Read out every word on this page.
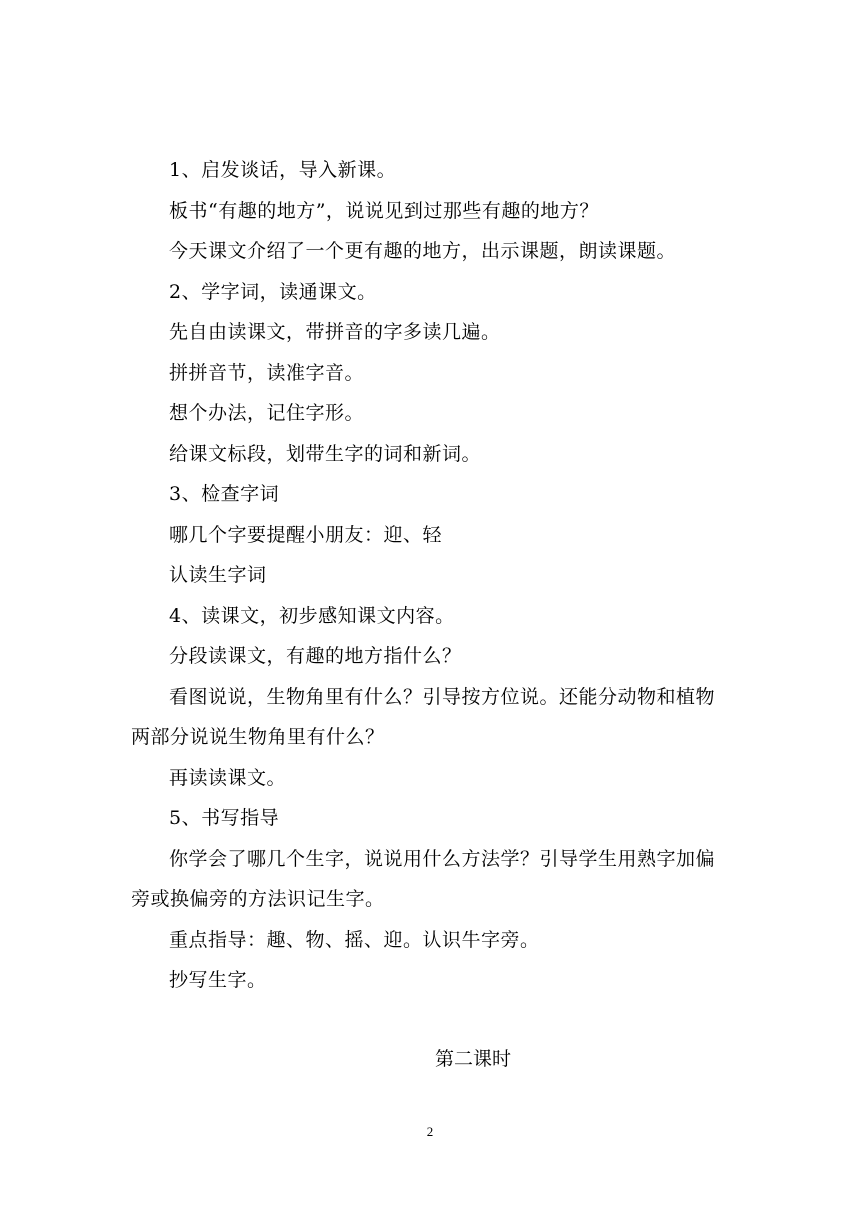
1、启发谈话，导入新课。

板书“有趣的地方”，说说见到过那些有趣的地方？

今天课文介绍了一个更有趣的地方，出示课题，朗读课题。

2、学字词，读通课文。

先自由读课文，带拼音的字多读几遍。

拼拼音节，读准字音。

想个办法，记住字形。

给课文标段，划带生字的词和新词。

3、检查字词

哪几个字要提醒小朋友：迎、轻

认读生字词

4、读课文，初步感知课文内容。

分段读课文，有趣的地方指什么？

看图说说，生物角里有什么？引导按方位说。还能分动物和植物两部分说说生物角里有什么？

再读读课文。

5、书写指导

你学会了哪几个生字，说说用什么方法学？引导学生用熟字加偏旁或换偏旁的方法识记生字。

重点指导：趣、物、摇、迎。认识牛字旁。

抄写生字。

第二课时
2
